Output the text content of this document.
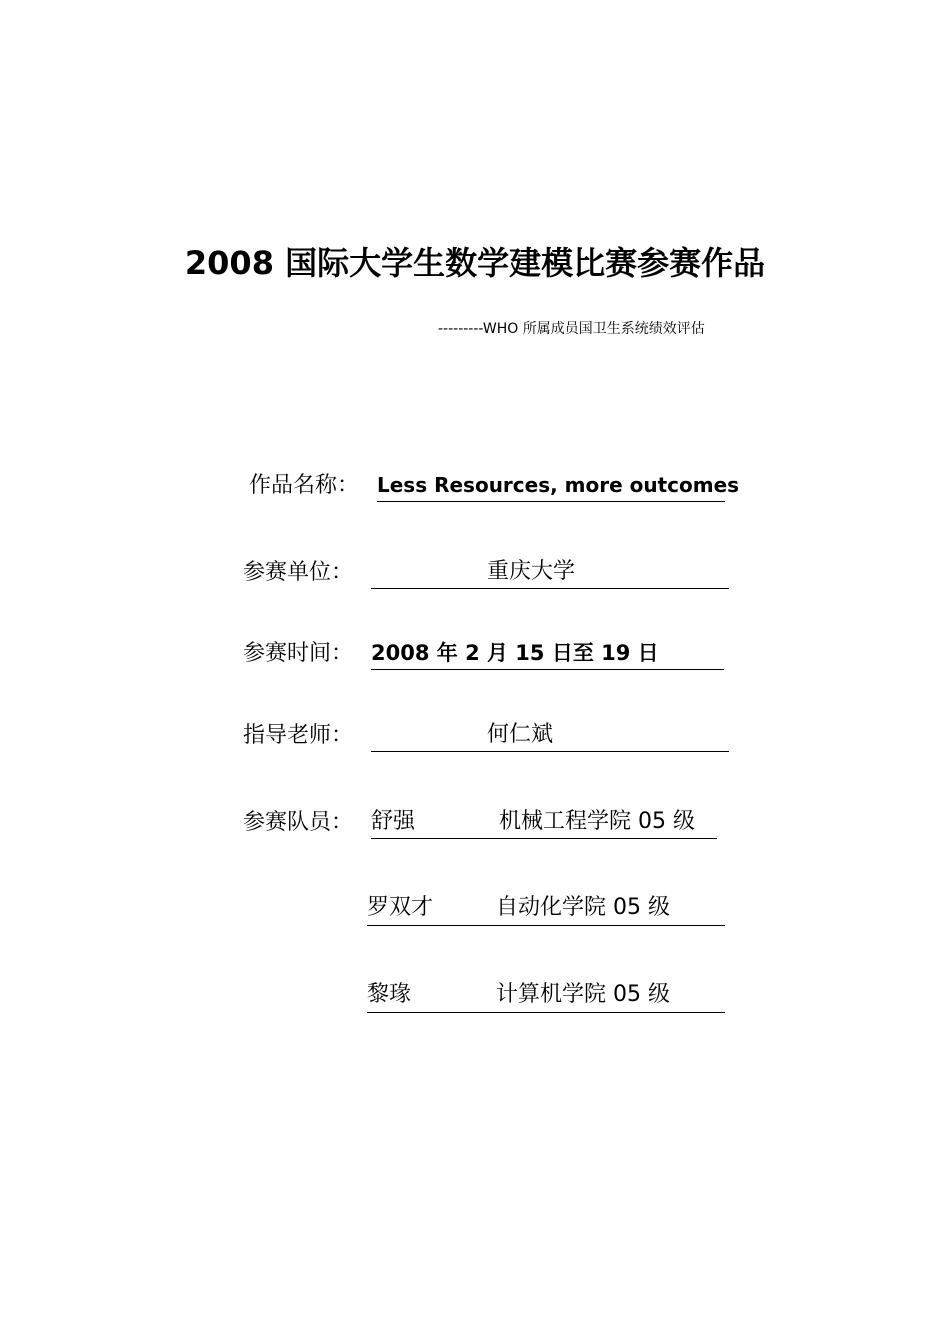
2008 国际大学生数学建模比赛参赛作品
---------WHO 所属成员国卫生系统绩效评估
作品名称： Less Resources, more outcomes
参赛单位：	重庆大学
参赛时间： 2008 年 2 月 15 日至 19 日
指导老师：	何仁斌
参赛队员： 舒强	机械工程学院 05 级
罗双才	自动化学院 05 级
黎瑑	计算机学院 05 级
